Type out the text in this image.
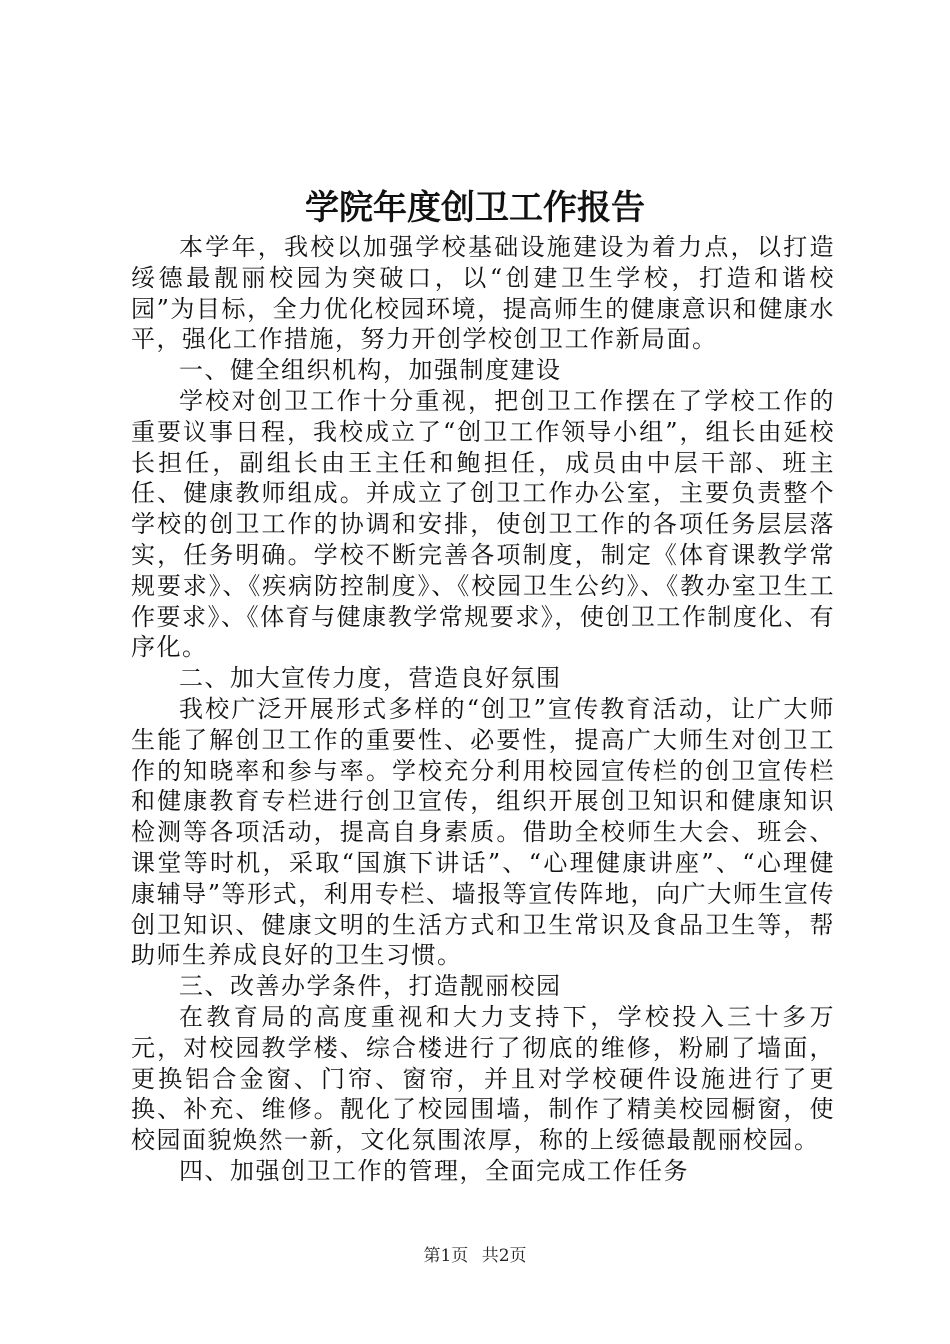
学院年度创卫工作报告

本学年，我校以加强学校基础设施建设为着力点，以打造绥德最靓丽校园为突破口，以“创建卫生学校，打造和谐校园”为目标，全力优化校园环境，提高师生的健康意识和健康水平，强化工作措施，努力开创学校创卫工作新局面。

一、健全组织机构，加强制度建设

学校对创卫工作十分重视，把创卫工作摆在了学校工作的重要议事日程，我校成立了“创卫工作领导小组”，组长由延校长担任，副组长由王主任和鲍担任，成员由中层干部、班主任、健康教师组成。并成立了创卫工作办公室，主要负责整个学校的创卫工作的协调和安排，使创卫工作的各项任务层层落实，任务明确。学校不断完善各项制度，制定《体育课教学常规要求》、《疾病防控制度》、《校园卫生公约》、《教办室卫生工作要求》、《体育与健康教学常规要求》，使创卫工作制度化、有序化。

二、加大宣传力度，营造良好氛围

我校广泛开展形式多样的“创卫”宣传教育活动，让广大师生能了解创卫工作的重要性、必要性，提高广大师生对创卫工作的知晓率和参与率。学校充分利用校园宣传栏的创卫宣传栏和健康教育专栏进行创卫宣传，组织开展创卫知识和健康知识检测等各项活动，提高自身素质。借助全校师生大会、班会、课堂等时机，采取“国旗下讲话”、“心理健康讲座”、“心理健康辅导”等形式，利用专栏、墙报等宣传阵地，向广大师生宣传创卫知识、健康文明的生活方式和卫生常识及食品卫生等，帮助师生养成良好的卫生习惯。

三、改善办学条件，打造靓丽校园

在教育局的高度重视和大力支持下，学校投入三十多万元，对校园教学楼、综合楼进行了彻底的维修，粉刷了墙面，更换铝合金窗、门帘、窗帘，并且对学校硬件设施进行了更换、补充、维修。靓化了校园围墙，制作了精美校园橱窗，使校园面貌焕然一新，文化氛围浓厚，称的上绥德最靓丽校园。

四、加强创卫工作的管理，全面完成工作任务

第1页 共2页
